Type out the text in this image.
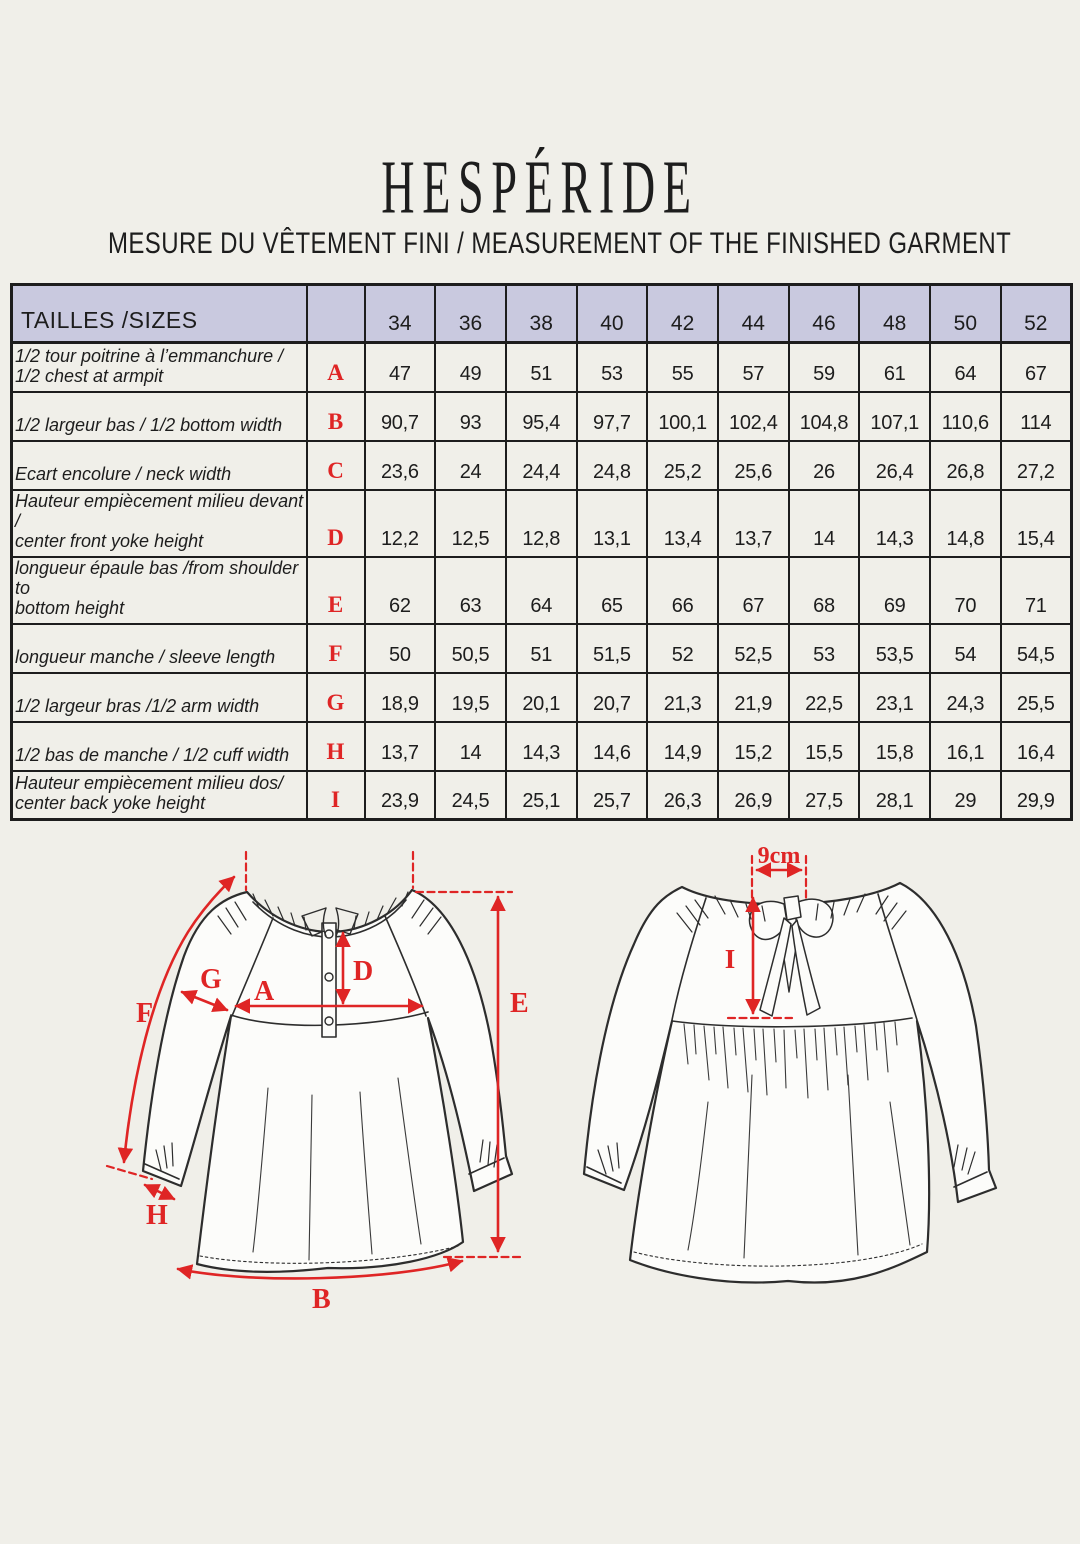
HESPÉRIDE
MESURE DU VÊTEMENT FINI / MEASUREMENT OF THE FINISHED GARMENT
TAILLES /SIZES		34	36	38	40	42	44	46	48	50	52

1/2 tour poitrine à l’emmanchure /
1/2 chest at armpit	A	47	49	51	53	55	57	59	61	64	67

1/2 largeur bas / 1/2 bottom width	B	90,7	93	95,4	97,7	100,1	102,4	104,8	107,1	110,6	114

Ecart encolure / neck width	C	23,6	24	24,4	24,8	25,2	25,6	26	26,4	26,8	27,2

Hauteur empiècement milieu devant /
center front yoke height	D	12,2	12,5	12,8	13,1	13,4	13,7	14	14,3	14,8	15,4

longueur épaule bas /from shoulder to
bottom height	E	62	63	64	65	66	67	68	69	70	71

longueur manche / sleeve length	F	50	50,5	51	51,5	52	52,5	53	53,5	54	54,5

1/2 largeur bras /1/2 arm width	G	18,9	19,5	20,1	20,7	21,3	21,9	22,5	23,1	24,3	25,5

1/2 bas de manche / 1/2 cuff width	H	13,7	14	14,3	14,6	14,9	15,2	15,5	15,8	16,1	16,4

Hauteur empiècement milieu dos/
center back yoke height	I	23,9	24,5	25,1	25,7	26,3	26,9	27,5	28,1	29	29,9
F
G A
D
E
H
B
9cm
I
